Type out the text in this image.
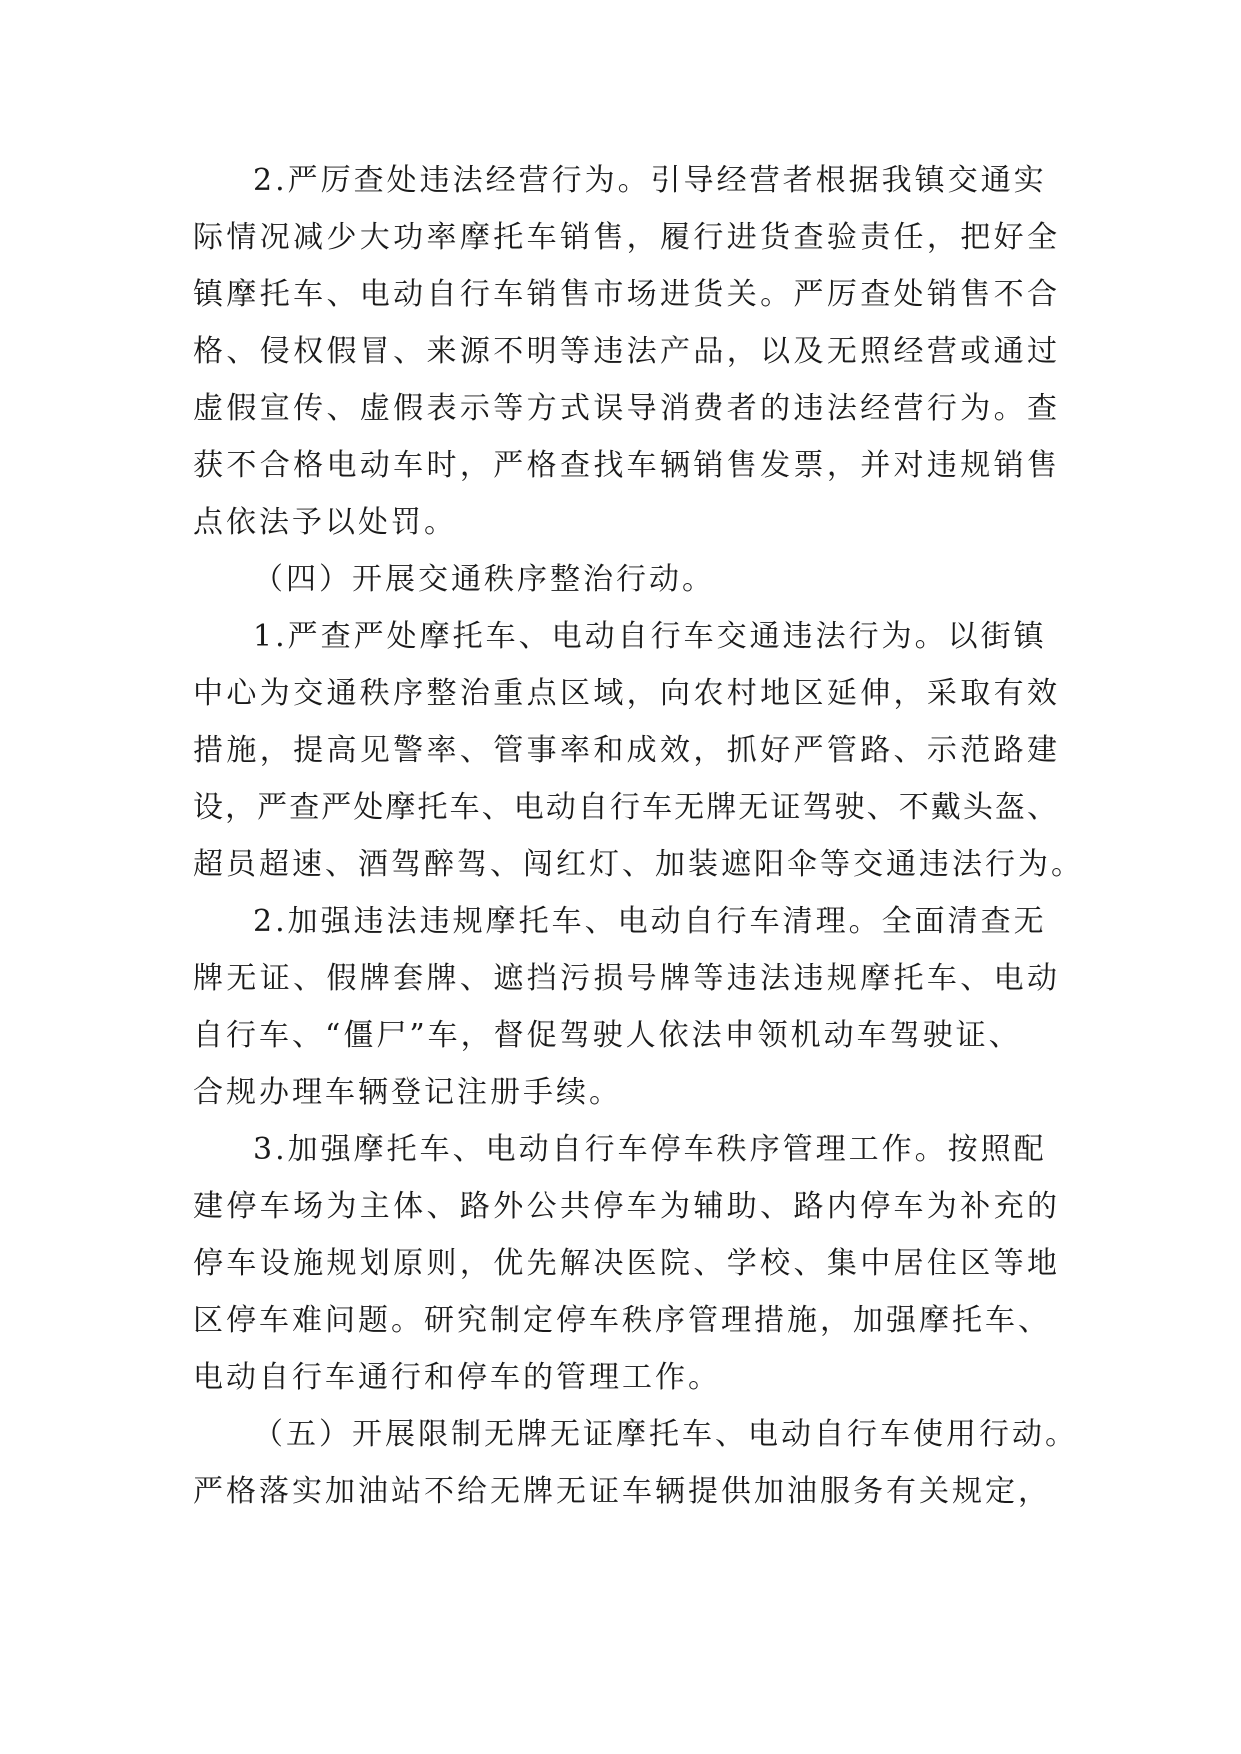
2.严厉查处违法经营行为。引导经营者根据我镇交通实
际情况减少大功率摩托车销售，履行进货查验责任，把好全
镇摩托车、电动自行车销售市场进货关。严厉查处销售不合
格、侵权假冒、来源不明等违法产品，以及无照经营或通过
虚假宣传、虚假表示等方式误导消费者的违法经营行为。查
获不合格电动车时，严格查找车辆销售发票，并对违规销售
点依法予以处罚。
（四）开展交通秩序整治行动。
1.严查严处摩托车、电动自行车交通违法行为。以街镇
中心为交通秩序整治重点区域，向农村地区延伸，采取有效
措施，提高见警率、管事率和成效，抓好严管路、示范路建
设，严查严处摩托车、电动自行车无牌无证驾驶、不戴头盔、
超员超速、酒驾醉驾、闯红灯、加装遮阳伞等交通违法行为。
2.加强违法违规摩托车、电动自行车清理。全面清查无
牌无证、假牌套牌、遮挡污损号牌等违法违规摩托车、电动
自行车、“僵尸”车，督促驾驶人依法申领机动车驾驶证、
合规办理车辆登记注册手续。
3.加强摩托车、电动自行车停车秩序管理工作。按照配
建停车场为主体、路外公共停车为辅助、路内停车为补充的
停车设施规划原则，优先解决医院、学校、集中居住区等地
区停车难问题。研究制定停车秩序管理措施，加强摩托车、
电动自行车通行和停车的管理工作。
（五）开展限制无牌无证摩托车、电动自行车使用行动。
严格落实加油站不给无牌无证车辆提供加油服务有关规定，
